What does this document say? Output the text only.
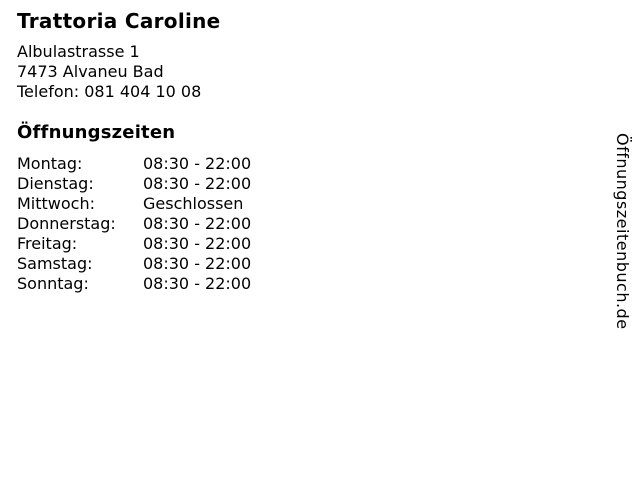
Trattoria Caroline
Albulastrasse 1
7473 Alvaneu Bad
Telefon: 081 404 10 08
Öffnungszeiten
Montag:	08:30 - 22:00
Dienstag:	08:30 - 22:00
Mittwoch:	Geschlossen
Donnerstag:	08:30 - 22:00
Freitag:	08:30 - 22:00
Samstag:	08:30 - 22:00
Sonntag:	08:30 - 22:00	Öffnungszeitenbuch.de
